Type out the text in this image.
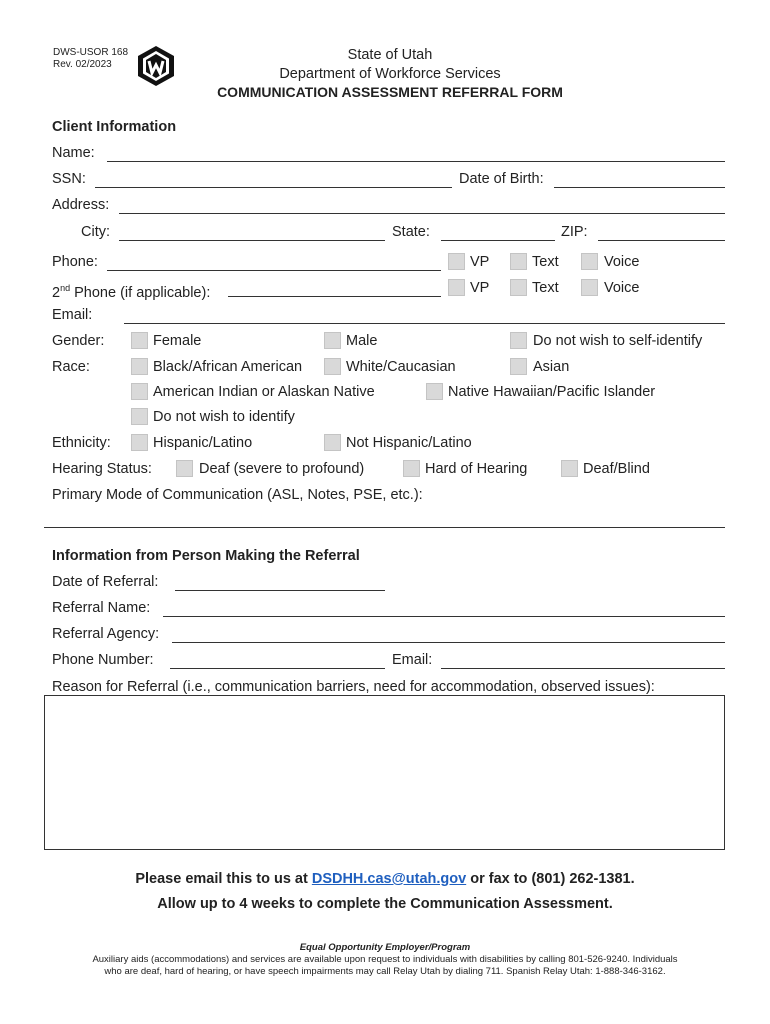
DWS-USOR 168
Rev. 02/2023
State of Utah
Department of Workforce Services
COMMUNICATION ASSESSMENT REFERRAL FORM
Client Information
Name:
SSN:	Date of Birth:
Address:
City:	State:	ZIP:
Phone:	VP	Text	Voice
2nd Phone (if applicable):	VP	Text	Voice
Email:
Gender:	Female	Male	Do not wish to self-identify
Race:	Black/African American	White/Caucasian	Asian
American Indian or Alaskan Native	Native Hawaiian/Pacific Islander
Do not wish to identify
Ethnicity:	Hispanic/Latino	Not Hispanic/Latino
Hearing Status:	Deaf (severe to profound)	Hard of Hearing	Deaf/Blind
Primary Mode of Communication (ASL, Notes, PSE, etc.):
Information from Person Making the Referral
Date of Referral:
Referral Name:
Referral Agency:
Phone Number:	Email:
Reason for Referral (i.e., communication barriers, need for accommodation, observed issues):
Please email this to us at DSDHH.cas@utah.gov or fax to (801) 262-1381.
Allow up to 4 weeks to complete the Communication Assessment.
Equal Opportunity Employer/Program
Auxiliary aids (accommodations) and services are available upon request to individuals with disabilities by calling 801-526-9240. Individuals
who are deaf, hard of hearing, or have speech impairments may call Relay Utah by dialing 711. Spanish Relay Utah: 1-888-346-3162.
